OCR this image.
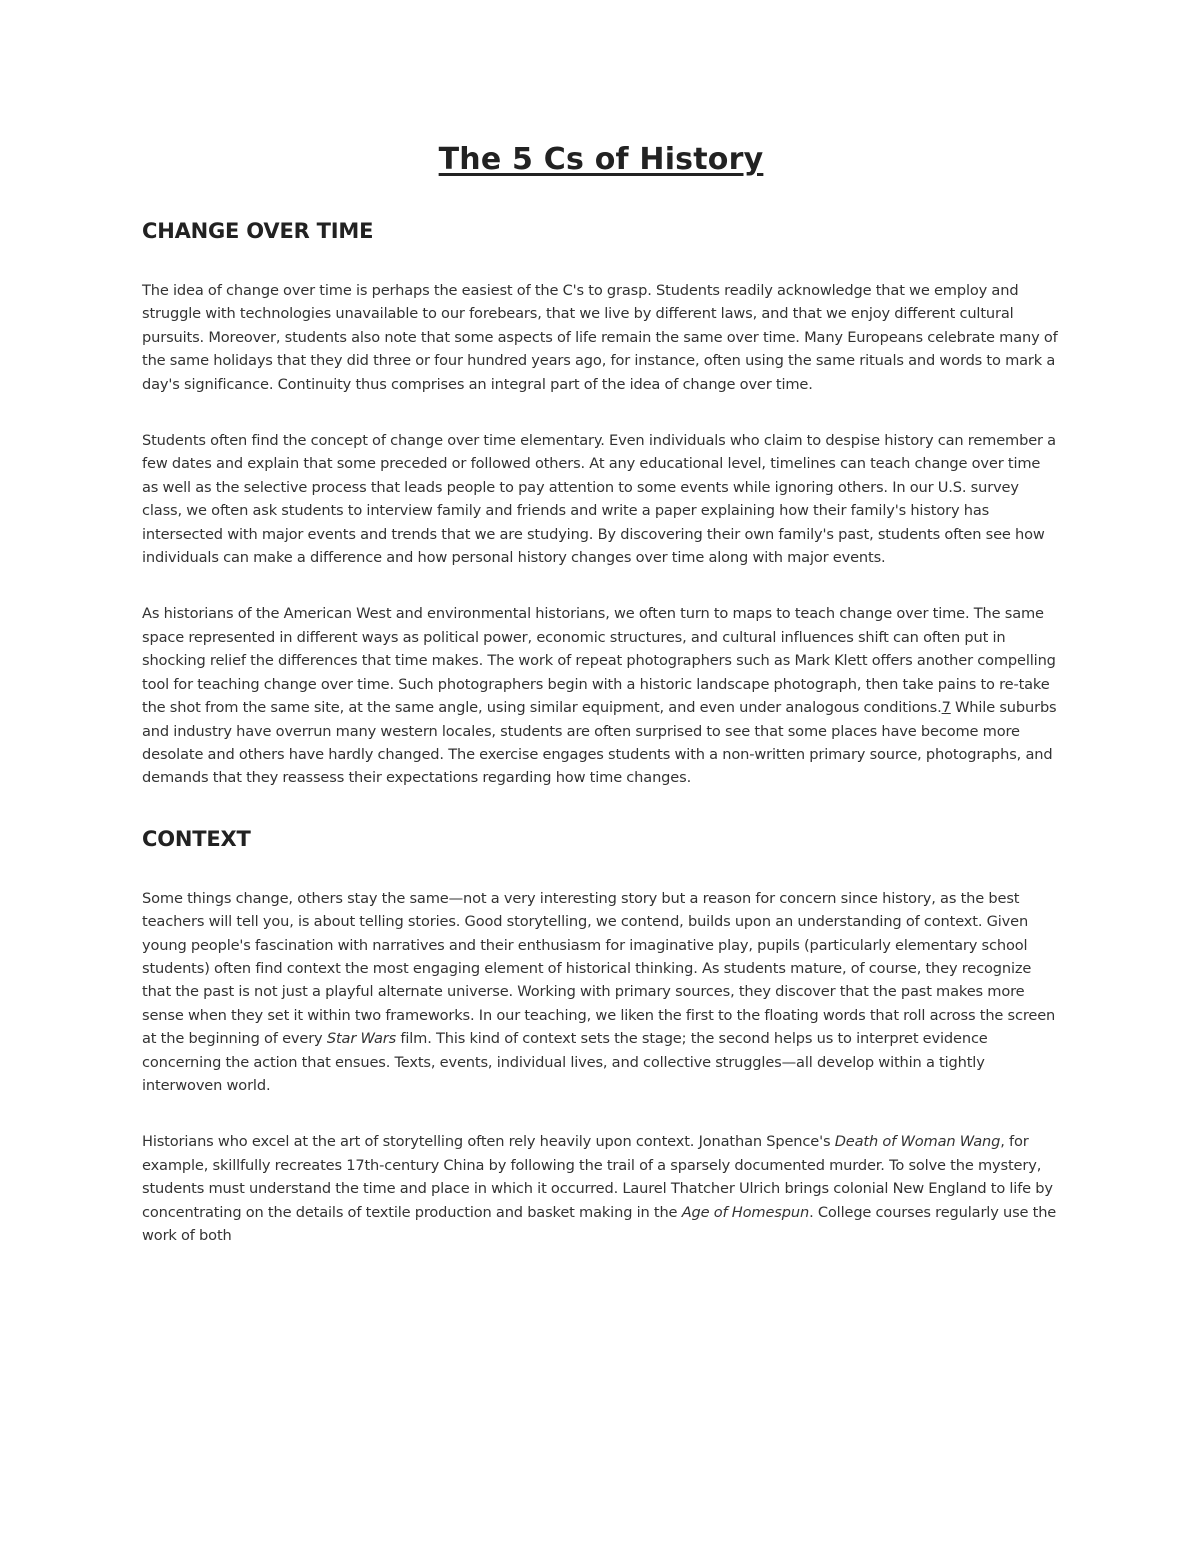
The 5 Cs of History
CHANGE OVER TIME

The idea of change over time is perhaps the easiest of the C's to grasp. Students readily acknowledge that we employ and struggle with technologies unavailable to our forebears, that we live by different laws, and that we enjoy different cultural pursuits. Moreover, students also note that some aspects of life remain the same over time. Many Europeans celebrate many of the same holidays that they did three or four hundred years ago, for instance, often using the same rituals and words to mark a day's significance. Continuity thus comprises an integral part of the idea of change over time.

Students often find the concept of change over time elementary. Even individuals who claim to despise history can remember a few dates and explain that some preceded or followed others. At any educational level, timelines can teach change over time as well as the selective process that leads people to pay attention to some events while ignoring others. In our U.S. survey class, we often ask students to interview family and friends and write a paper explaining how their family's history has intersected with major events and trends that we are studying. By discovering their own family's past, students often see how individuals can make a difference and how personal history changes over time along with major events.

As historians of the American West and environmental historians, we often turn to maps to teach change over time. The same space represented in different ways as political power, economic structures, and cultural influences shift can often put in shocking relief the differences that time makes. The work of repeat photographers such as Mark Klett offers another compelling tool for teaching change over time. Such photographers begin with a historic landscape photograph, then take pains to re-take the shot from the same site, at the same angle, using similar equipment, and even under analogous conditions.7 While suburbs and industry have overrun many western locales, students are often surprised to see that some places have become more desolate and others have hardly changed. The exercise engages students with a non-written primary source, photographs, and demands that they reassess their expectations regarding how time changes.

CONTEXT

Some things change, others stay the same—not a very interesting story but a reason for concern since history, as the best teachers will tell you, is about telling stories. Good storytelling, we contend, builds upon an understanding of context. Given young people's fascination with narratives and their enthusiasm for imaginative play, pupils (particularly elementary school students) often find context the most engaging element of historical thinking. As students mature, of course, they recognize that the past is not just a playful alternate universe. Working with primary sources, they discover that the past makes more sense when they set it within two frameworks. In our teaching, we liken the first to the floating words that roll across the screen at the beginning of every Star Wars film. This kind of context sets the stage; the second helps us to interpret evidence concerning the action that ensues. Texts, events, individual lives, and collective struggles—all develop within a tightly interwoven world.

Historians who excel at the art of storytelling often rely heavily upon context. Jonathan Spence's Death of Woman Wang, for example, skillfully recreates 17th-century China by following the trail of a sparsely documented murder. To solve the mystery, students must understand the time and place in which it occurred. Laurel Thatcher Ulrich brings colonial New England to life by concentrating on the details of textile production and basket making in the Age of Homespun. College courses regularly use the work of both
